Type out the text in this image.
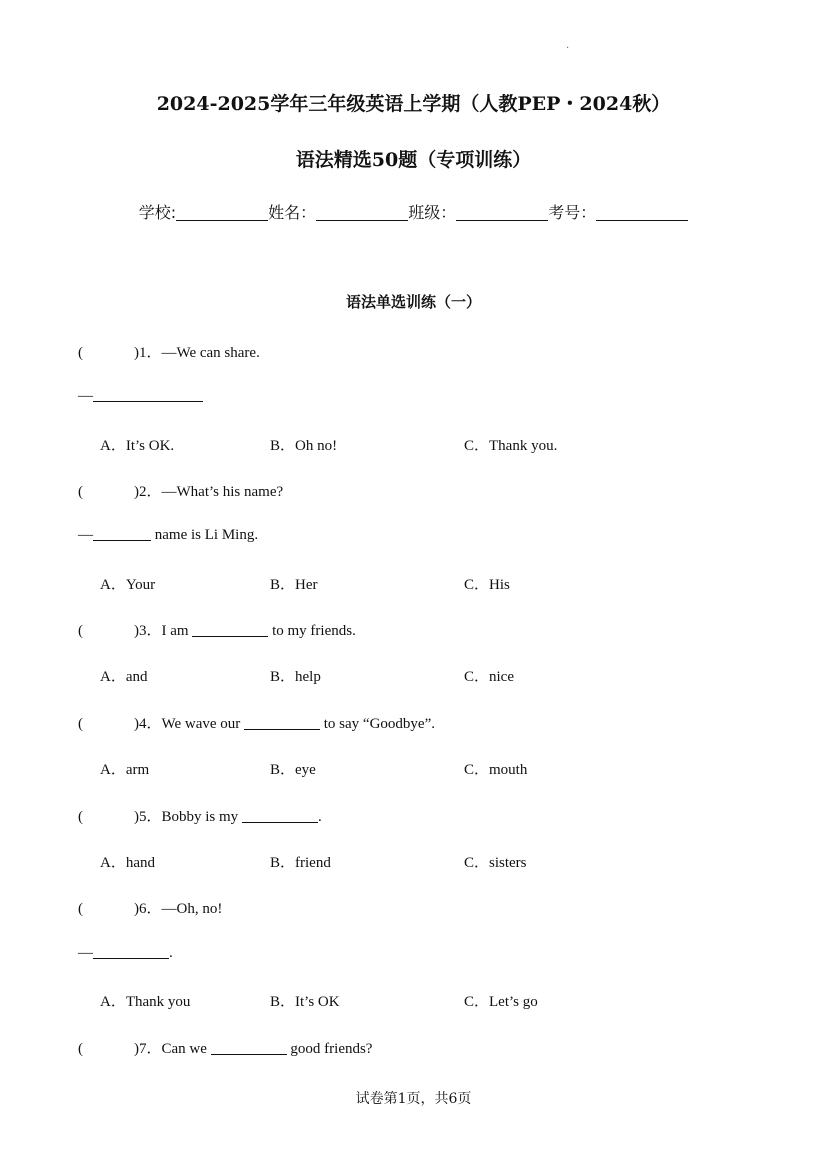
.
2024-2025学年三年级英语上学期（人教PEP・2024秋）
语法精选50题（专项训练）
学校:	姓名：	班级：	考号：
语法单选训练（一）
(	)1．—We can share.
—
A．It’s OK.	B．Oh no!	C．Thank you.
(	)2．—What’s his name?
—	name is Li Ming.
A．Your	B．Her	C．His
(	)3．I am	to my friends.
A．and	B．help	C．nice
(	)4．We wave our	to say “Goodbye”.
A．arm	B．eye	C．mouth
(	)5．Bobby is my	.
A．hand	B．friend	C．sisters
(	)6．—Oh, no!
—	.
A．Thank you	B．It’s OK	C．Let’s go
(	)7．Can we	good friends?
试卷第1页，共6页
